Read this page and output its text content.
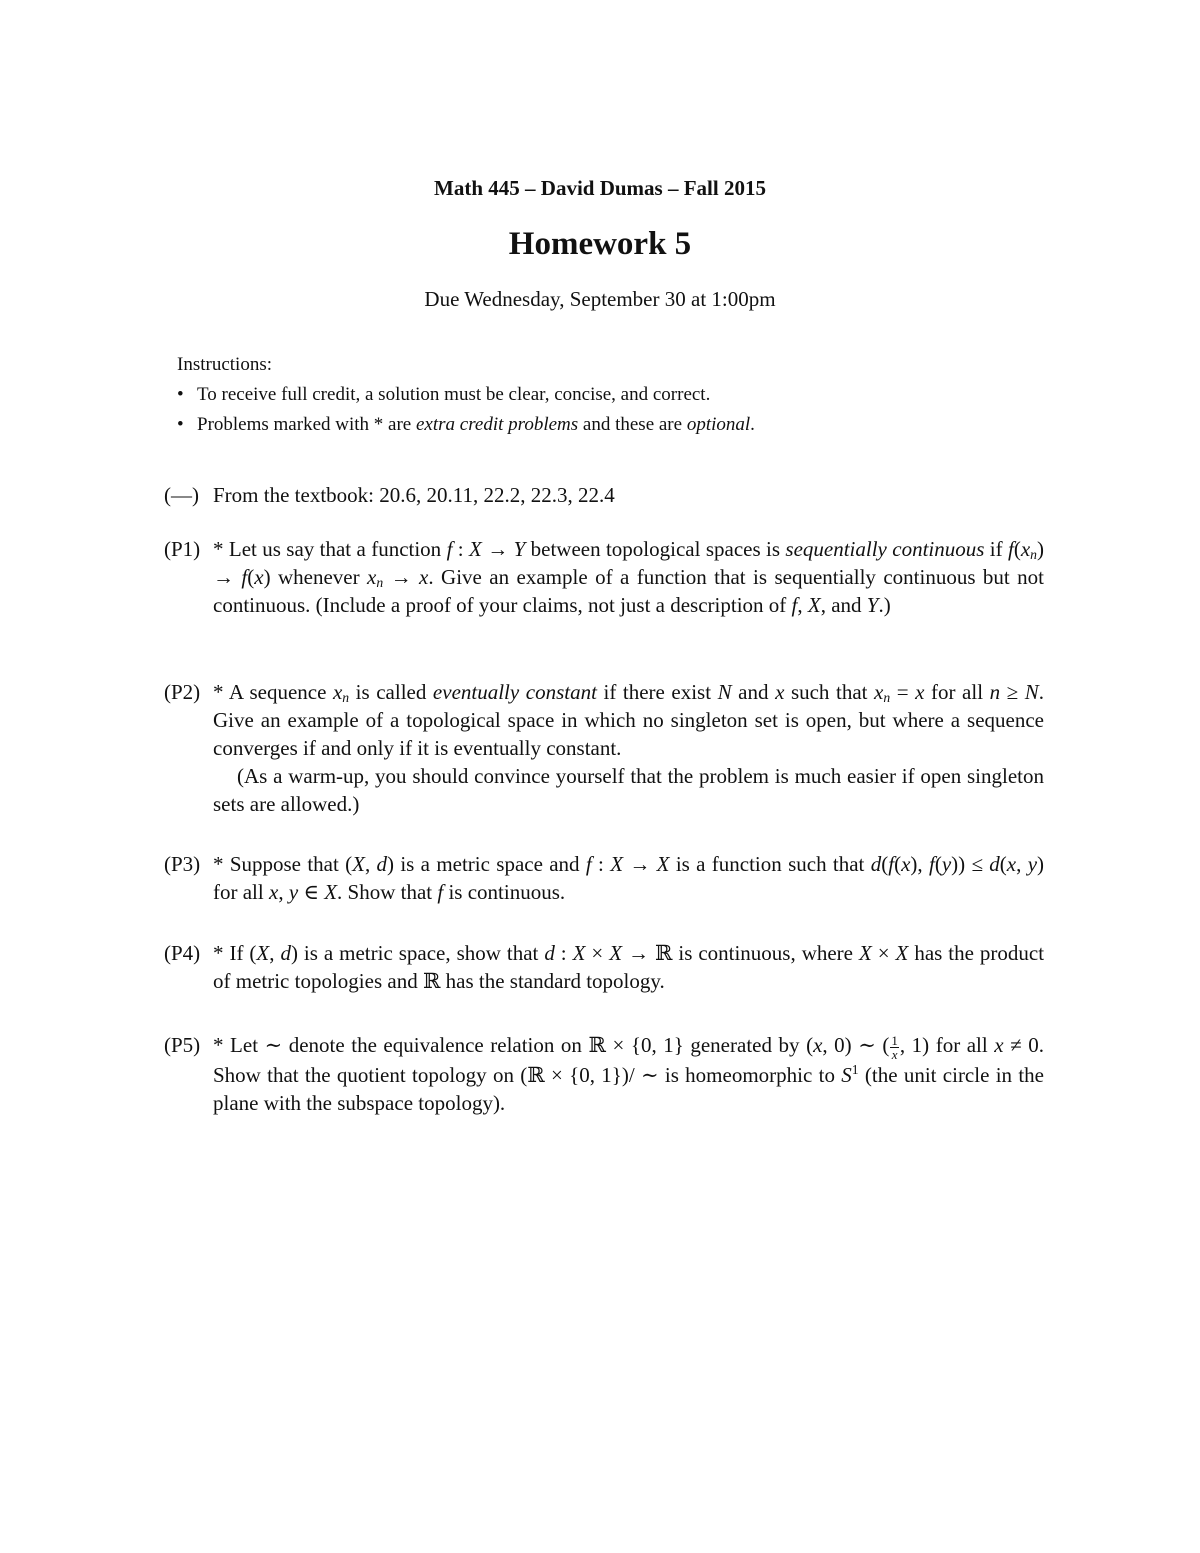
Math 445 – David Dumas – Fall 2015
Homework 5
Due Wednesday, September 30 at 1:00pm
Instructions:
• To receive full credit, a solution must be clear, concise, and correct.
• Problems marked with * are extra credit problems and these are optional.
(—) From the textbook: 20.6, 20.11, 22.2, 22.3, 22.4

(P1) * Let us say that a function f : X → Y between topological spaces is sequentially continuous if $f(x_n) \to f(x)$ whenever $x_n \to x$. Give an example of a function that is sequentially continuous but not continuous. (Include a proof of your claims, not just a description of f, X, and Y.)

(P2) * A sequence $x_n$ is called eventually constant if there exist N and x such that $x_n = x$ for all n ≥ N. Give an example of a topological space in which no singleton set is open, but where a sequence converges if and only if it is eventually constant.

(As a warm-up, you should convince yourself that the problem is much easier if open singleton sets are allowed.)

(P3) * Suppose that (X, d) is a metric space and f : X → X is a function such that d(f(x), f(y)) ≤ d(x, y) for all x, y ∈ X. Show that f is continuous.

(P4) * If (X, d) is a metric space, show that d : X × X → ℝ is continuous, where X × X has the product of metric topologies and ℝ has the standard topology.

(P5) * Let ∼ denote the equivalence relation on ℝ × {0, 1} generated by (x, 0) ∼ ( $\frac{1}{x}$ , 1) for all x ≠ 0. Show that the quotient topology on (ℝ × {0, 1})/ ∼ is homeomorphic to $S^1$ (the unit circle in the plane with the subspace topology).
